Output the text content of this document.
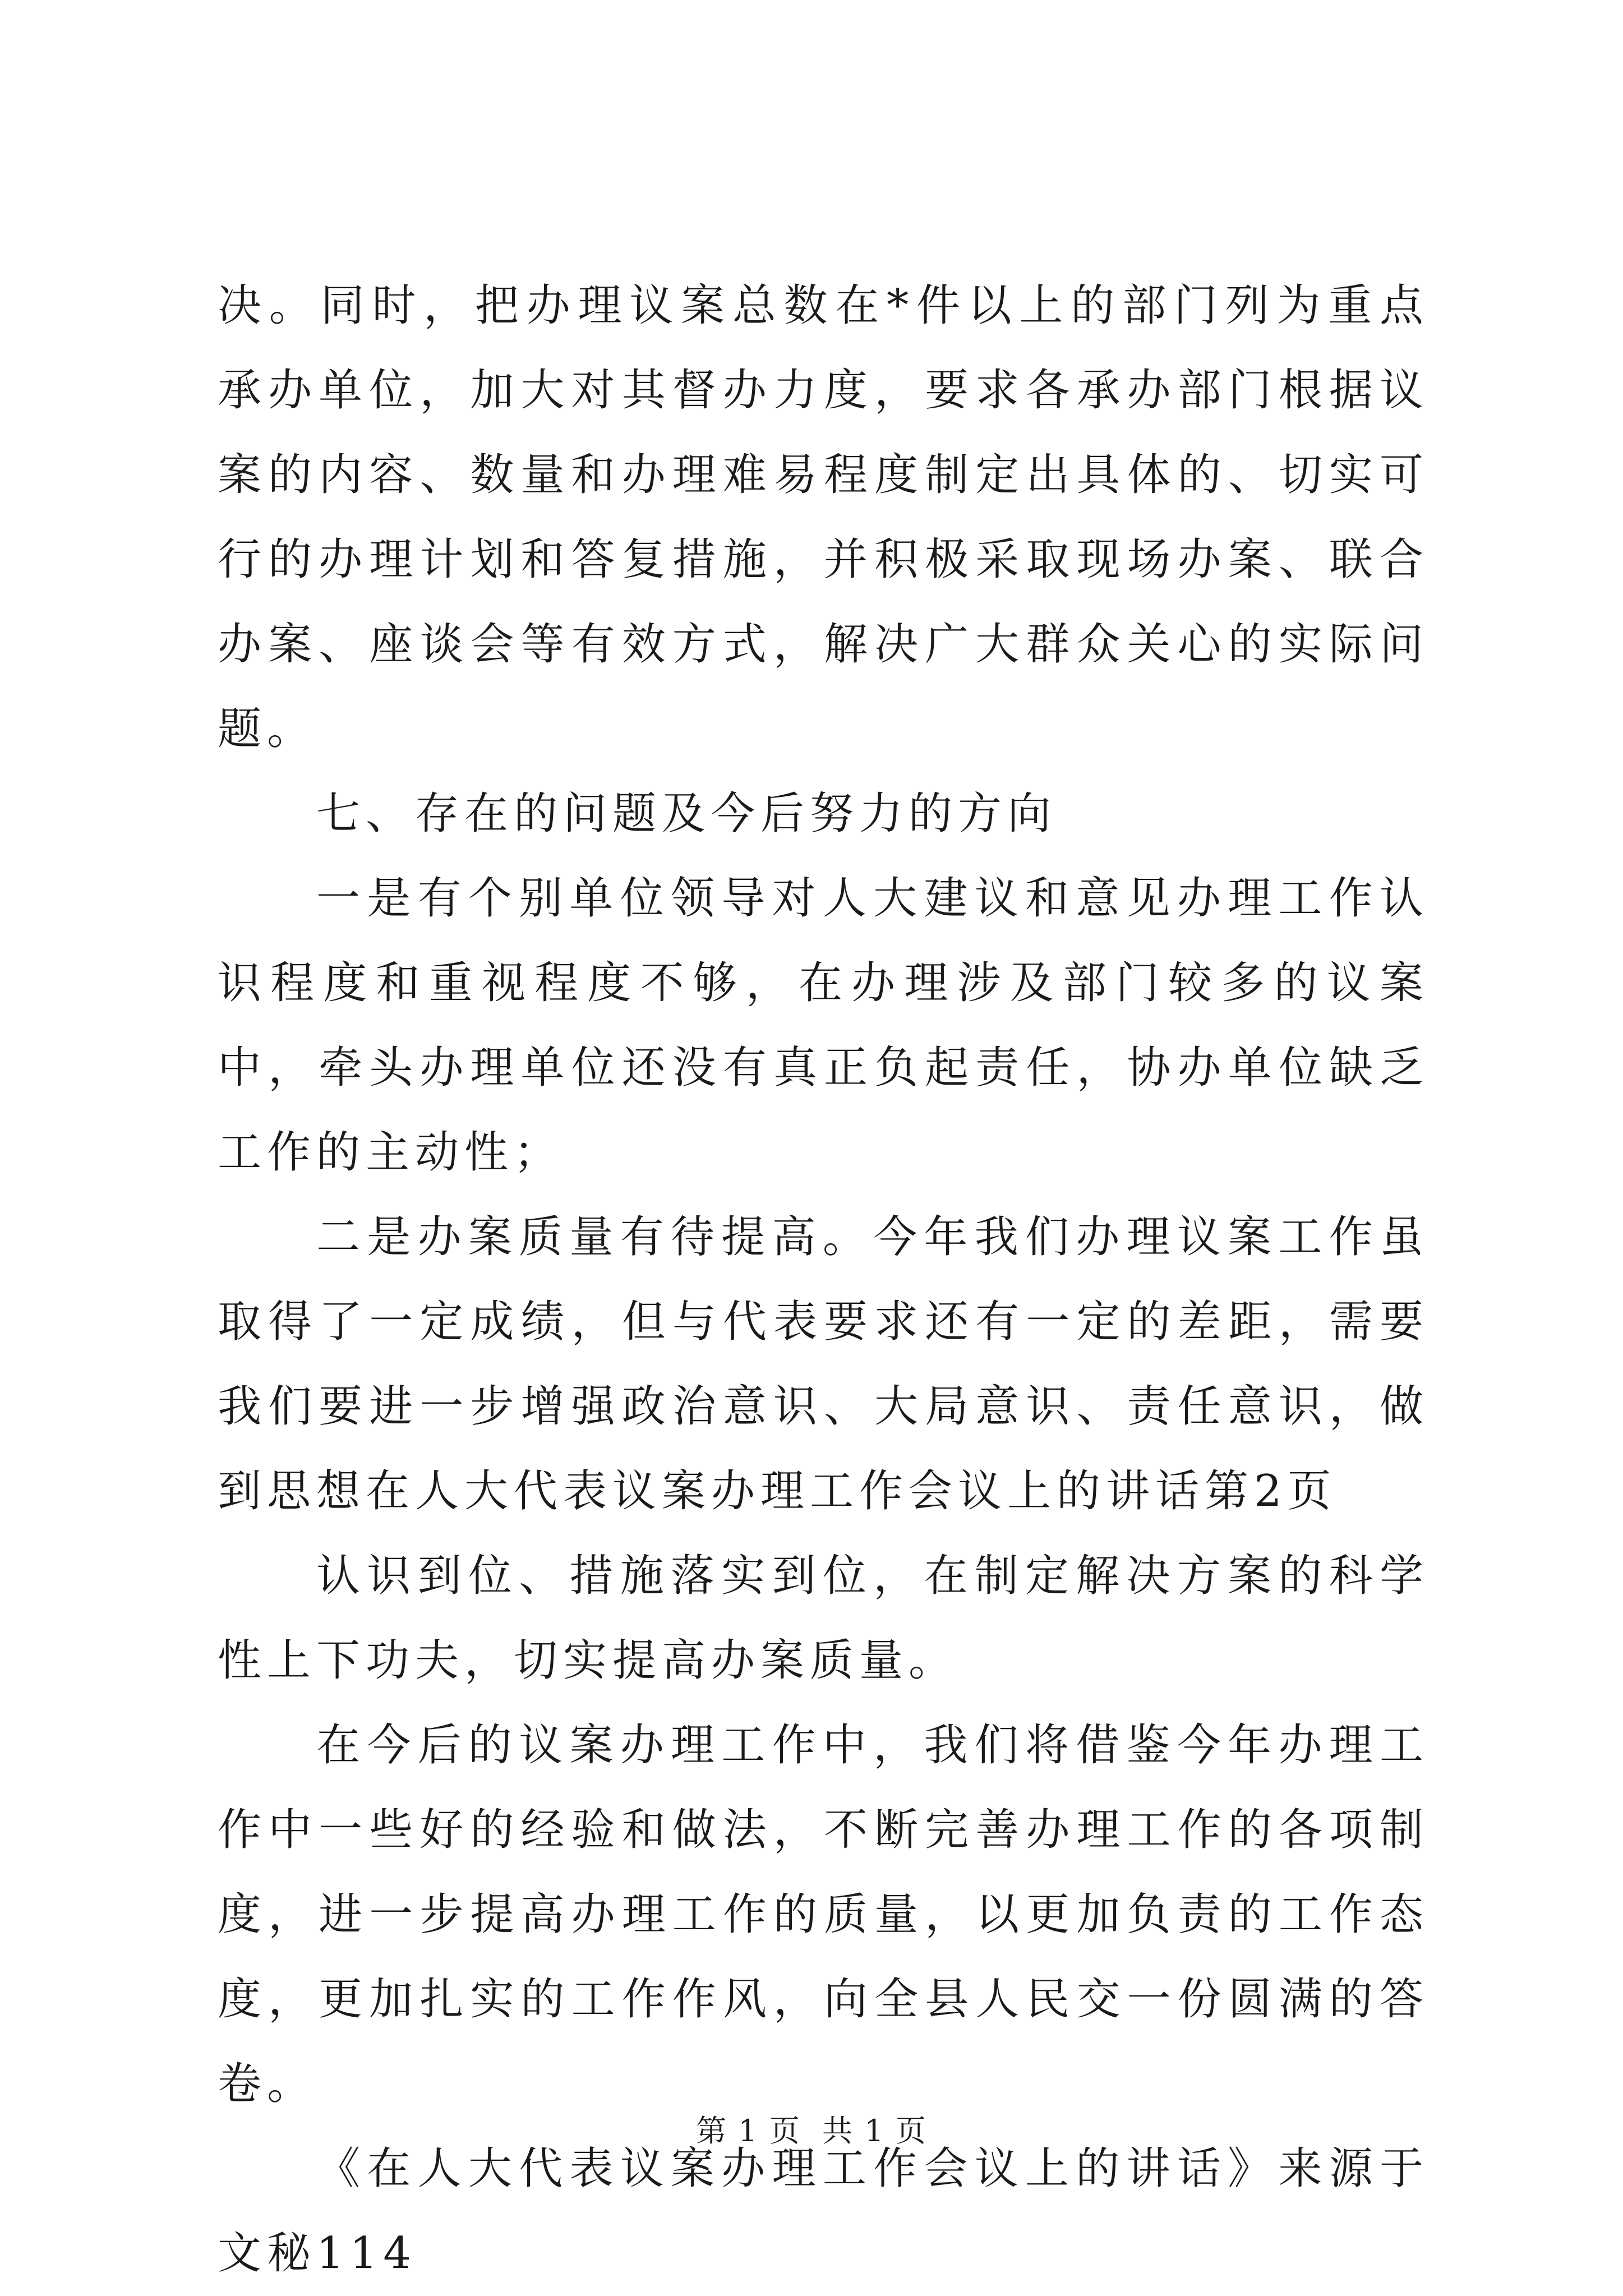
决。同时，把办理议案总数在*件以上的部门列为重点承办单位，加大对其督办力度，要求各承办部门根据议案的内容、数量和办理难易程度制定出具体的、切实可行的办理计划和答复措施，并积极采取现场办案、联合办案、座谈会等有效方式，解决广大群众关心的实际问题。

七、存在的问题及今后努力的方向

一是有个别单位领导对人大建议和意见办理工作认识程度和重视程度不够，在办理涉及部门较多的议案中，牵头办理单位还没有真正负起责任，协办单位缺乏工作的主动性；

二是办案质量有待提高。今年我们办理议案工作虽取得了一定成绩，但与代表要求还有一定的差距，需要我们要进一步增强政治意识、大局意识、责任意识，做到思想在人大代表议案办理工作会议上的讲话第2页

认识到位、措施落实到位，在制定解决方案的科学性上下功夫，切实提高办案质量。

在今后的议案办理工作中，我们将借鉴今年办理工作中一些好的经验和做法，不断完善办理工作的各项制度，进一步提高办理工作的质量，以更加负责的工作态度，更加扎实的工作作风，向全县人民交一份圆满的答卷。

《在人大代表议案办理工作会议上的讲话》来源于文秘114

第 1 页  共 1 页
